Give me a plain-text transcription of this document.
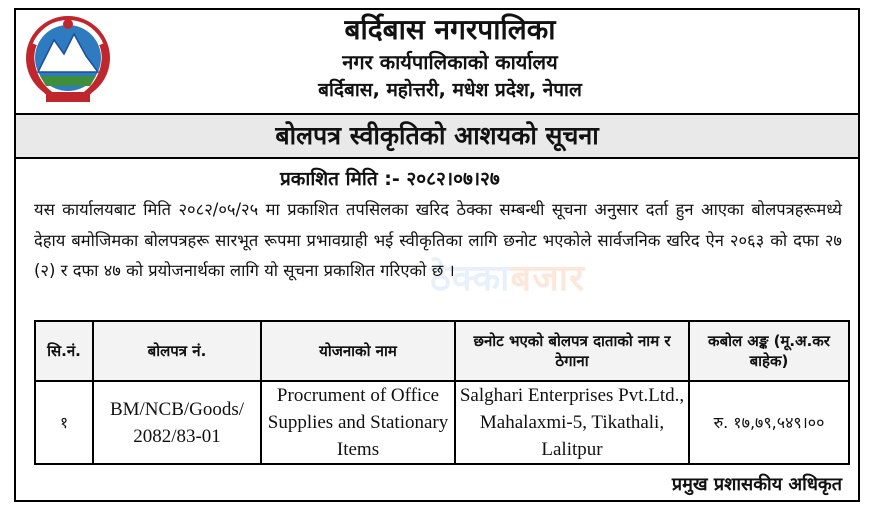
बर्दिबास नगरपालिका
नगर कार्यपालिकाको कार्यालय
बर्दिबास, महोत्तरी, मधेश प्रदेश, नेपाल
बोलपत्र स्वीकृतिको आशयको सूचना
प्रकाशित मिति :- २०८२।०७।२७
ठेक्काबजार
यस कार्यालयबाट मिति २०८२/०५/२५ मा प्रकाशित तपसिलका खरिद ठेक्का सम्बन्धी सूचना अनुसार दर्ता हुन आएका बोलपत्रहरूमध्ये देहाय बमोजिमका बोलपत्रहरू सारभूत रूपमा प्रभावग्राही भई स्वीकृतिका लागि छनोट भएकोले सार्वजनिक खरिद ऐन २०६३ को दफा २७ (२) र दफा ४७ को प्रयोजनार्थका लागि यो सूचना प्रकाशित गरिएको छ ।
सि.नं.	बोलपत्र नं.	योजनाको नाम	छनोट भएको बोलपत्र दाताको नाम र ठेगाना	कबोल अङ्क (मू.अ.कर बाहेक)
१	BM/NCB/Goods/ 2082/83-01	Procrument of Office Supplies and Stationary Items	Salghari Enterprises Pvt.Ltd., Mahalaxmi-5, Tikathali, Lalitpur	रु. १७,७९,५४९।००
प्रमुख प्रशासकीय अधिकृत
